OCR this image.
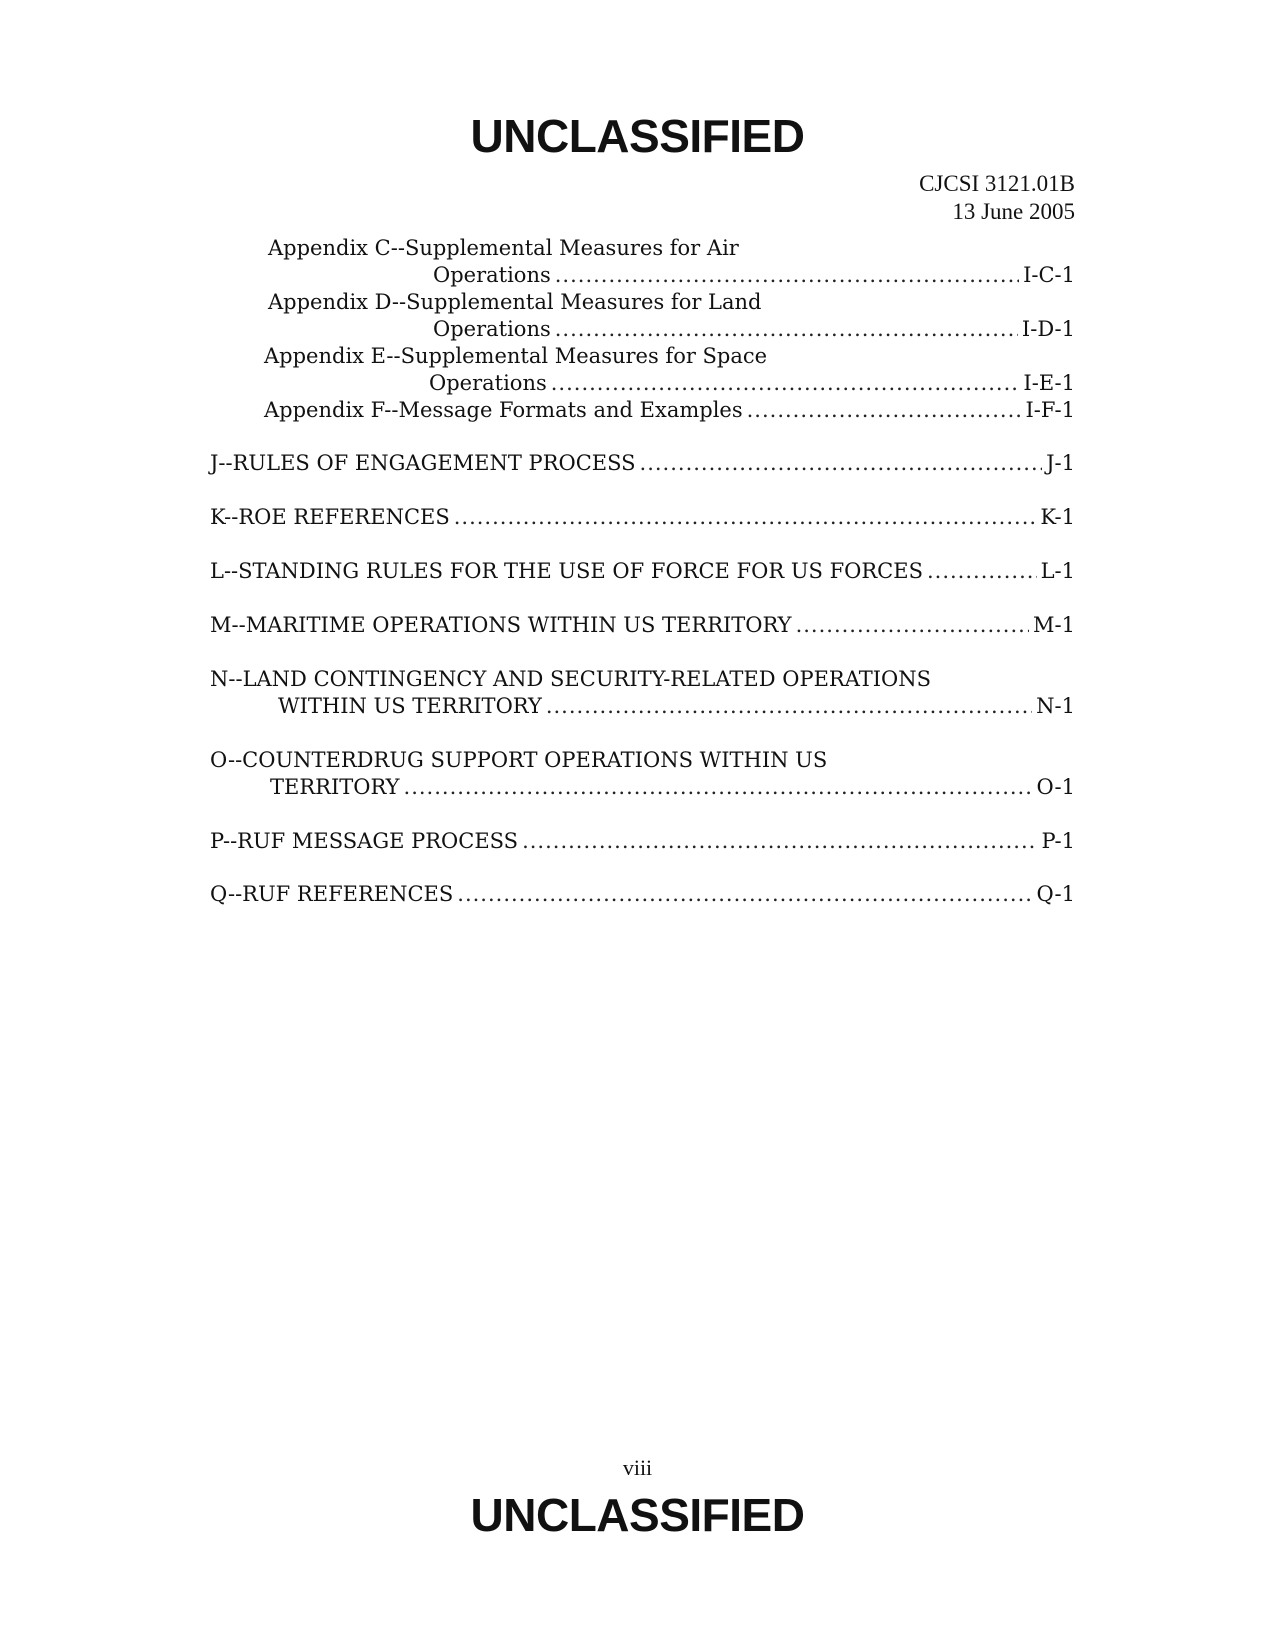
UNCLASSIFIED
CJCSI 3121.01B
13 June 2005
Appendix C--Supplemental Measures for Air
Operations .....	I-C-1
Appendix D--Supplemental Measures for Land
Operations .....	I-D-1
Appendix E--Supplemental Measures for Space
Operations .....	I-E-1
Appendix F--Message Formats and Examples .....	I-F-1
J--RULES OF ENGAGEMENT PROCESS .....	J-1
K--ROE REFERENCES .....	K-1
L--STANDING RULES FOR THE USE OF FORCE FOR US FORCES .....	L-1
M--MARITIME OPERATIONS WITHIN US TERRITORY .....	M-1
N--LAND CONTINGENCY AND SECURITY-RELATED OPERATIONS
WITHIN US TERRITORY .....	N-1
O--COUNTERDRUG SUPPORT OPERATIONS WITHIN US
TERRITORY .....	O-1
P--RUF MESSAGE PROCESS .....	P-1
Q--RUF REFERENCES .....	Q-1
viii
UNCLASSIFIED
